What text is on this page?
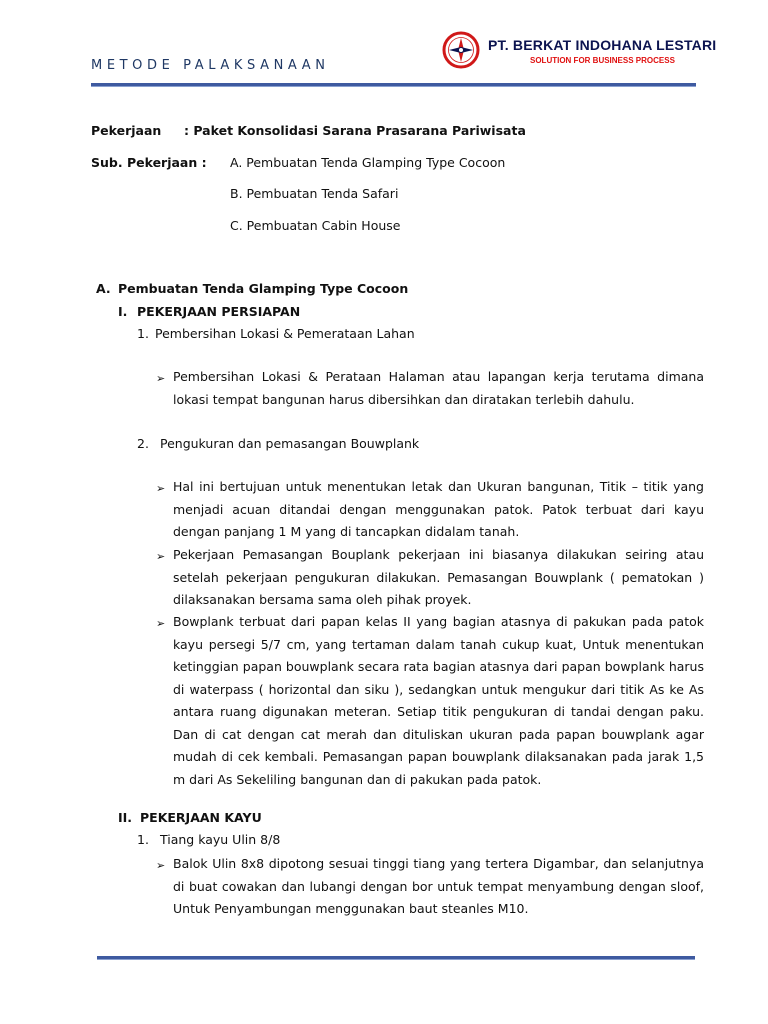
METODE PALAKSANAAN
PT. BERKAT INDOHANA LESTARI
SOLUTION FOR BUSINESS PROCESS
Pekerjaan : Paket Konsolidasi Sarana Prasarana Pariwisata
Sub. Pekerjaan : A. Pembuatan Tenda Glamping Type Cocoon
B. Pembuatan Tenda Safari
C. Pembuatan Cabin House
A. Pembuatan Tenda Glamping Type Cocoon
I. PEKERJAAN PERSIAPAN
1. Pembersihan Lokasi & Pemerataan Lahan
➢ Pembersihan Lokasi & Perataan Halaman atau lapangan kerja terutama dimana lokasi tempat bangunan harus dibersihkan dan diratakan terlebih dahulu.
2. Pengukuran dan pemasangan Bouwplank
➢ Hal ini bertujuan untuk menentukan letak dan Ukuran bangunan, Titik – titik yang menjadi acuan ditandai dengan menggunakan patok. Patok terbuat dari kayu dengan panjang 1 M yang di tancapkan didalam tanah.
➢ Pekerjaan Pemasangan Bouplank pekerjaan ini biasanya dilakukan seiring atau setelah pekerjaan pengukuran dilakukan. Pemasangan Bouwplank ( pematokan ) dilaksanakan bersama sama oleh pihak proyek.
➢ Bowplank terbuat dari papan kelas II yang bagian atasnya di pakukan pada patok kayu persegi 5/7 cm, yang tertaman dalam tanah cukup kuat, Untuk menentukan ketinggian papan bouwplank secara rata bagian atasnya dari papan bowplank harus di waterpass ( horizontal dan siku ), sedangkan untuk mengukur dari titik As ke As antara ruang digunakan meteran. Setiap titik pengukuran di tandai dengan paku. Dan di cat dengan cat merah dan dituliskan ukuran pada papan bouwplank agar mudah di cek kembali. Pemasangan papan bouwplank dilaksanakan pada jarak 1,5 m dari As Sekeliling bangunan dan di pakukan pada patok.
II. PEKERJAAN KAYU
1. Tiang kayu Ulin 8/8
➢ Balok Ulin 8x8 dipotong sesuai tinggi tiang yang tertera Digambar, dan selanjutnya di buat cowakan dan lubangi dengan bor untuk tempat menyambung dengan sloof, Untuk Penyambungan menggunakan baut steanles M10.
